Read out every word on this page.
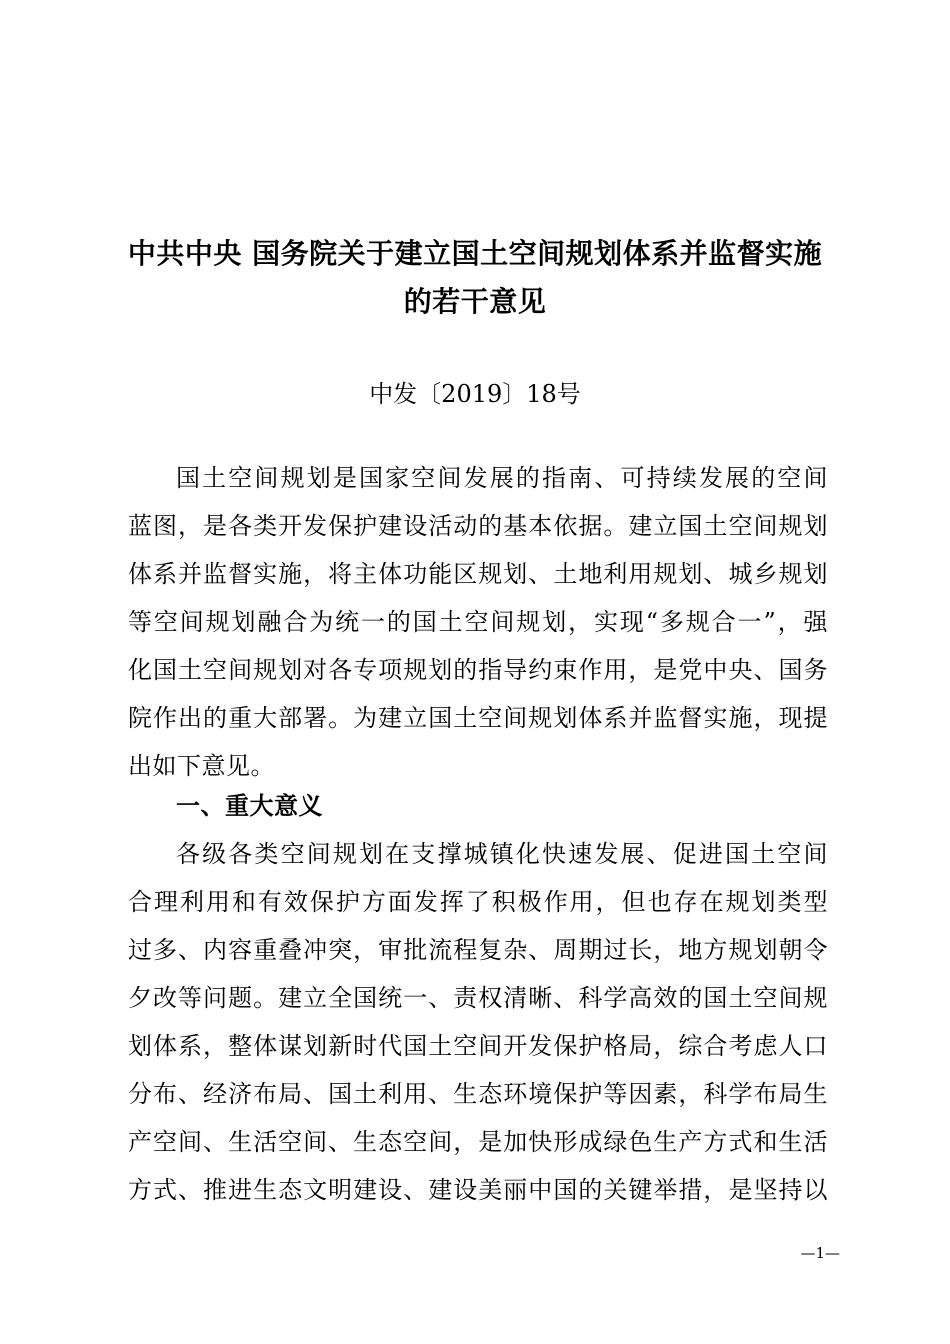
中共中央 国务院关于建立国土空间规划体系并监督实施
的若干意见
中发〔2019〕18号
国土空间规划是国家空间发展的指南、可持续发展的空间
蓝图，是各类开发保护建设活动的基本依据。建立国土空间规划
体系并监督实施，将主体功能区规划、土地利用规划、城乡规划
等空间规划融合为统一的国土空间规划，实现“多规合一”，强
化国土空间规划对各专项规划的指导约束作用，是党中央、国务
院作出的重大部署。为建立国土空间规划体系并监督实施，现提
出如下意见。
一、重大意义
各级各类空间规划在支撑城镇化快速发展、促进国土空间
合理利用和有效保护方面发挥了积极作用，但也存在规划类型
过多、内容重叠冲突，审批流程复杂、周期过长，地方规划朝令
夕改等问题。建立全国统一、责权清晰、科学高效的国土空间规
划体系，整体谋划新时代国土空间开发保护格局，综合考虑人口
分布、经济布局、国土利用、生态环境保护等因素，科学布局生
产空间、生活空间、生态空间，是加快形成绿色生产方式和生活
方式、推进生态文明建设、建设美丽中国的关键举措，是坚持以
—1—
